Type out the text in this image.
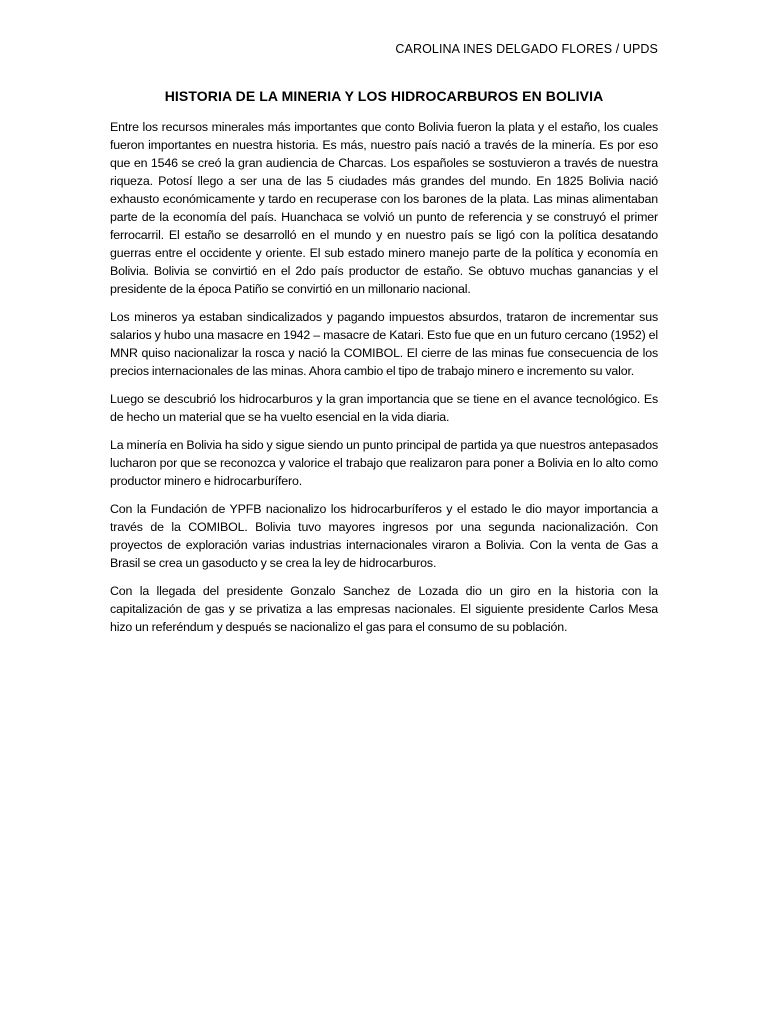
CAROLINA INES DELGADO FLORES / UPDS
HISTORIA DE LA MINERIA Y LOS HIDROCARBUROS EN BOLIVIA

Entre los recursos minerales más importantes que conto Bolivia fueron la plata y el estaño, los cuales fueron importantes en nuestra historia. Es más, nuestro país nació a través de la minería. Es por eso que en 1546 se creó la gran audiencia de Charcas. Los españoles se sostuvieron a través de nuestra riqueza. Potosí llego a ser una de las 5 ciudades más grandes del mundo. En 1825 Bolivia nació exhausto económicamente y tardo en recuperase con los barones de la plata. Las minas alimentaban parte de la economía del país. Huanchaca se volvió un punto de referencia y se construyó el primer ferrocarril. El estaño se desarrolló en el mundo y en nuestro país se ligó con la política desatando guerras entre el occidente y oriente. El sub estado minero manejo parte de la política y economía en Bolivia. Bolivia se convirtió en el 2do país productor de estaño. Se obtuvo muchas ganancias y el presidente de la época Patiño se convirtió en un millonario nacional.

Los mineros ya estaban sindicalizados y pagando impuestos absurdos, trataron de incrementar sus salarios y hubo una masacre en 1942 – masacre de Katari. Esto fue que en un futuro cercano (1952) el MNR quiso nacionalizar la rosca y nació la COMIBOL. El cierre de las minas fue consecuencia de los precios internacionales de las minas. Ahora cambio el tipo de trabajo minero e incremento su valor.

Luego se descubrió los hidrocarburos y la gran importancia que se tiene en el avance tecnológico. Es de hecho un material que se ha vuelto esencial en la vida diaria.

La minería en Bolivia ha sido y sigue siendo un punto principal de partida ya que nuestros antepasados lucharon por que se reconozca y valorice el trabajo que realizaron para poner a Bolivia en lo alto como productor minero e hidrocarburífero.

Con la Fundación de YPFB nacionalizo los hidrocarburíferos y el estado le dio mayor importancia a través de la COMIBOL. Bolivia tuvo mayores ingresos por una segunda nacionalización. Con proyectos de exploración varias industrias internacionales viraron a Bolivia. Con la venta de Gas a Brasil se crea un gasoducto y se crea la ley de hidrocarburos.

Con la llegada del presidente Gonzalo Sanchez de Lozada dio un giro en la historia con la capitalización de gas y se privatiza a las empresas nacionales. El siguiente presidente Carlos Mesa hizo un referéndum y después se nacionalizo el gas para el consumo de su población.
